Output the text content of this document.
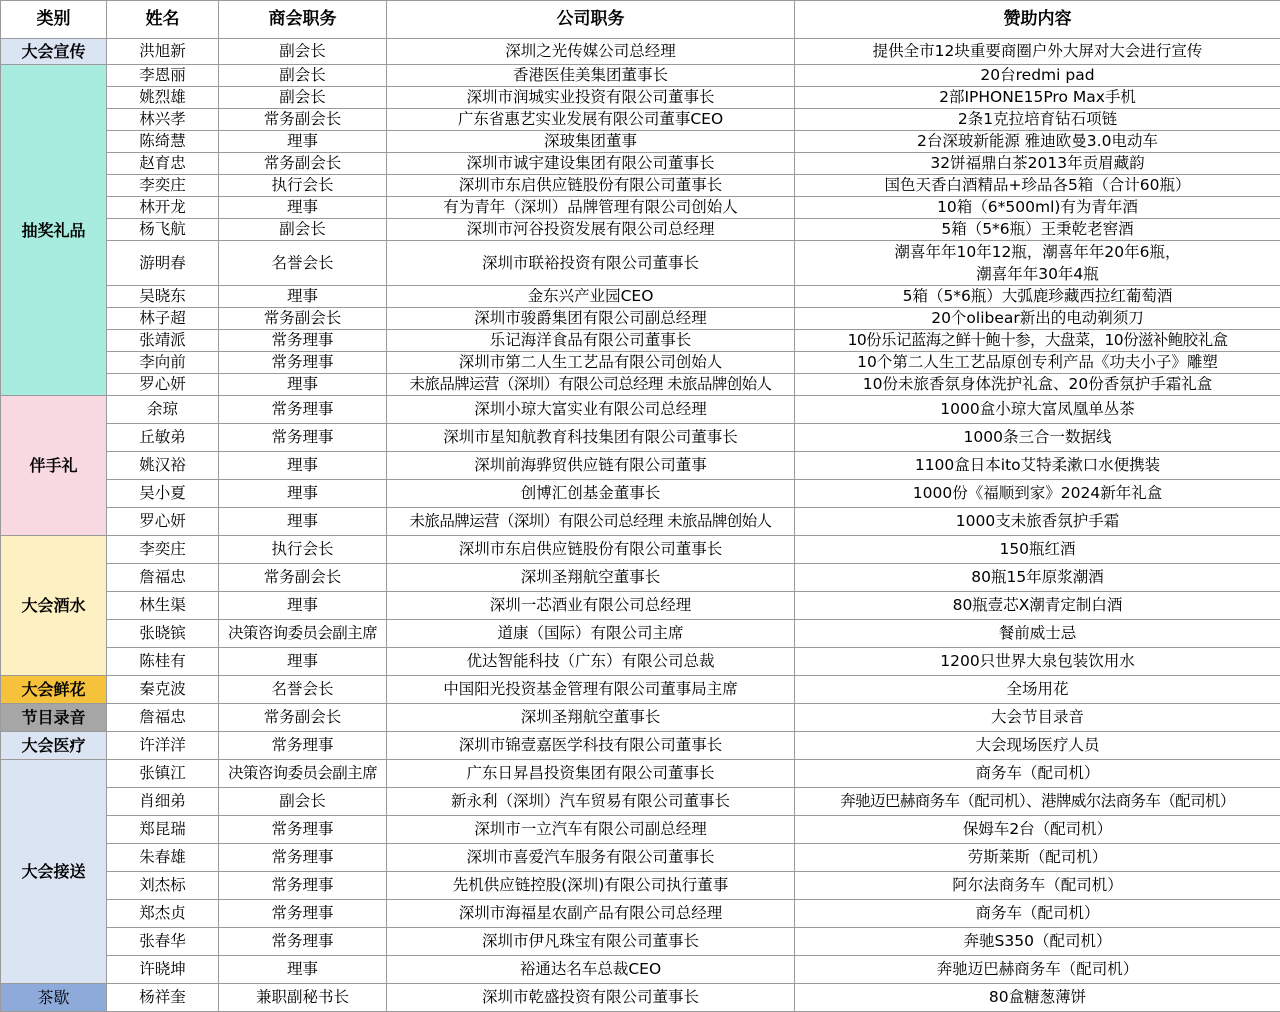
类别	姓名	商会职务	公司职务	赞助内容
大会宣传	洪旭新	副会长	深圳之光传媒公司总经理	提供全市12块重要商圈户外大屏对大会进行宣传
抽奖礼品	李恩丽	副会长	香港医佳美集团董事长	20台redmi pad
	姚烈雄	副会长	深圳市润城实业投资有限公司董事长	2部IPHONE15Pro Max手机
	林兴孝	常务副会长	广东省惠艺实业发展有限公司董事CEO	2条1克拉培育钻石项链
	陈绮慧	理事	深玻集团董事	2台深玻新能源 雅迪欧曼3.0电动车
	赵育忠	常务副会长	深圳市诚宇建设集团有限公司董事长	32饼福鼎白茶2013年贡眉藏韵
	李奕庄	执行会长	深圳市东启供应链股份有限公司董事长	国色天香白酒精品+珍品各5箱（合计60瓶）
	林开龙	理事	有为青年（深圳）品牌管理有限公司创始人	10箱（6*500ml)有为青年酒
	杨飞航	副会长	深圳市河谷投资发展有限公司总经理	5箱（5*6瓶）王秉乾老窖酒
	游明春	名誉会长	深圳市联裕投资有限公司董事长	潮喜年年10年12瓶，潮喜年年20年6瓶，
潮喜年年30年4瓶
	吴晓东	理事	金东兴产业园CEO	5箱（5*6瓶）大弧鹿珍藏西拉红葡萄酒
	林子超	常务副会长	深圳市骏爵集团有限公司副总经理	20个olibear新出的电动剃须刀
	张靖派	常务理事	乐记海洋食品有限公司董事长	10份乐记蓝海之鲜十鲍十参，大盘菜，10份滋补鲍胶礼盒
	李向前	常务理事	深圳市第二人生工艺品有限公司创始人	10个第二人生工艺品原创专利产品《功夫小子》雕塑
	罗心妍	理事	未旅品牌运营（深圳）有限公司总经理 未旅品牌创始人	10份未旅香氛身体洗护礼盒、20份香氛护手霜礼盒
伴手礼	余琼	常务理事	深圳小琼大富实业有限公司总经理	1000盒小琼大富凤凰单丛茶
	丘敏弟	常务理事	深圳市星知航教育科技集团有限公司董事长	1000条三合一数据线
	姚汉裕	理事	深圳前海骅贸供应链有限公司董事	1100盒日本ito艾特柔漱口水便携装
	吴小夏	理事	创博汇创基金董事长	1000份《福顺到家》2024新年礼盒
	罗心妍	理事	未旅品牌运营（深圳）有限公司总经理 未旅品牌创始人	1000支未旅香氛护手霜
大会酒水	李奕庄	执行会长	深圳市东启供应链股份有限公司董事长	150瓶红酒
	詹福忠	常务副会长	深圳圣翔航空董事长	80瓶15年原浆潮酒
	林生渠	理事	深圳一芯酒业有限公司总经理	80瓶壹芯X潮青定制白酒
	张晓镔	决策咨询委员会副主席	道康（国际）有限公司主席	餐前威士忌
	陈桂有	理事	优达智能科技（广东）有限公司总裁	1200只世界大泉包装饮用水
大会鲜花	秦克波	名誉会长	中国阳光投资基金管理有限公司董事局主席	全场用花
节目录音	詹福忠	常务副会长	深圳圣翔航空董事长	大会节目录音
大会医疗	许洋洋	常务理事	深圳市锦壹嘉医学科技有限公司董事长	大会现场医疗人员
大会接送	张镇江	决策咨询委员会副主席	广东日昇昌投资集团有限公司董事长	商务车（配司机）
	肖细弟	副会长	新永利（深圳）汽车贸易有限公司董事长	奔驰迈巴赫商务车（配司机）、港牌威尔法商务车（配司机）
	郑昆瑞	常务理事	深圳市一立汽车有限公司副总经理	保姆车2台（配司机）
	朱春雄	常务理事	深圳市喜爱汽车服务有限公司董事长	劳斯莱斯（配司机）
	刘杰标	常务理事	先机供应链控股(深圳)有限公司执行董事	阿尔法商务车（配司机）
	郑杰贞	常务理事	深圳市海福星农副产品有限公司总经理	商务车（配司机）
	张春华	常务理事	深圳市伊凡珠宝有限公司董事长	奔驰S350（配司机）
	许晓坤	理事	裕通达名车总裁CEO	奔驰迈巴赫商务车（配司机）
茶歇	杨祥奎	兼职副秘书长	深圳市乾盛投资有限公司董事长	80盒糖葱薄饼
